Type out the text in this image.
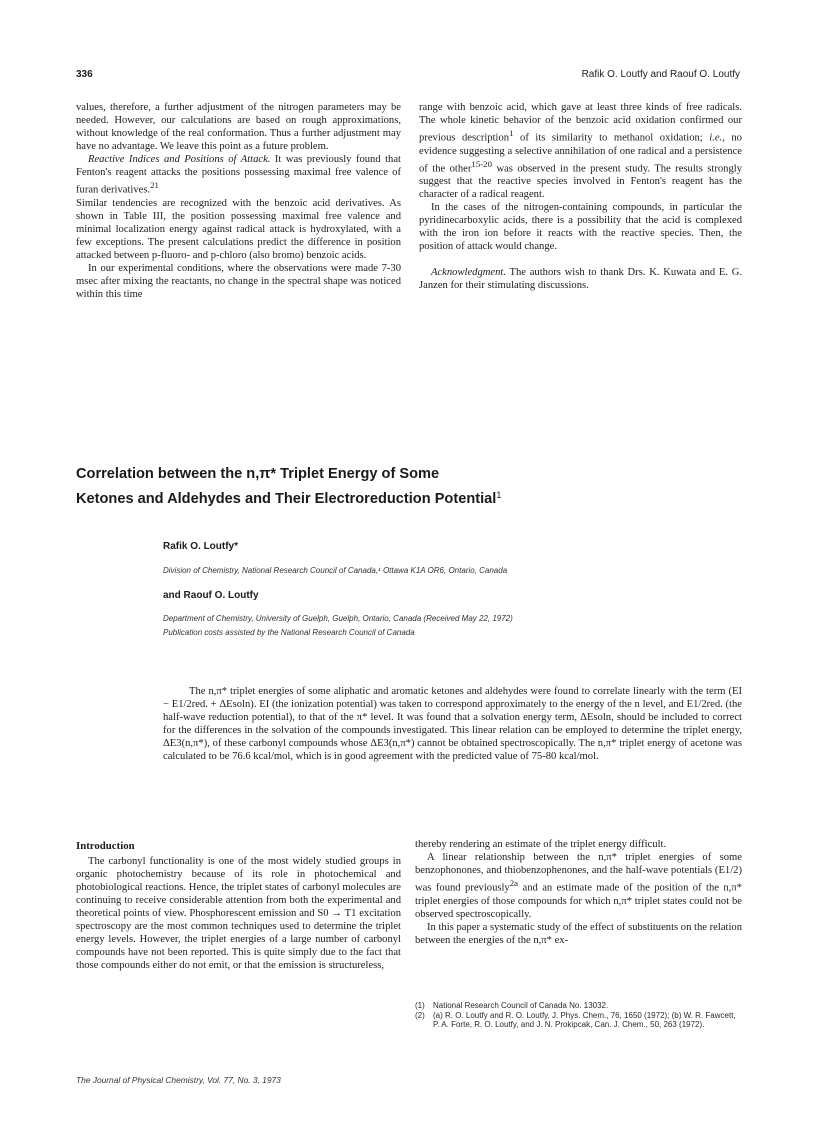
336	Rafik O. Loutfy and Raouf O. Loutfy

values, therefore, a further adjustment of the nitrogen parameters may be needed. However, our calculations are based on rough approximations, without knowledge of the real conformation. Thus a further adjustment may have no advantage. We leave this point as a future problem.

Reactive Indices and Positions of Attack. It was previously found that Fenton's reagent attacks the positions possessing maximal free valence of furan derivatives.$^{21}$

Similar tendencies are recognized with the benzoic acid derivatives. As shown in Table III, the position possessing maximal free valence and minimal localization energy against radical attack is hydroxylated, with a few exceptions. The present calculations predict the difference in position attacked between p-fluoro- and p-chloro (also bromo) benzoic acids.

In our experimental conditions, where the observations were made 7-30 msec after mixing the reactants, no change in the spectral shape was noticed within this time

range with benzoic acid, which gave at least three kinds of free radicals. The whole kinetic behavior of the benzoic acid oxidation confirmed our previous description$^1$ of its similarity to methanol oxidation; i.e., no evidence suggesting a selective annihilation of one radical and a persistence of the other$^{15-20}$ was observed in the present study. The results strongly suggest that the reactive species involved in Fenton's reagent has the character of a radical reagent.

In the cases of the nitrogen-containing compounds, in particular the pyridinecarboxylic acids, there is a possibility that the acid is complexed with the iron ion before it reacts with the reactive species. Then, the position of attack would change.

Acknowledgment. The authors wish to thank Drs. K. Kuwata and E. G. Janzen for their stimulating discussions.

Correlation between the n,π* Triplet Energy of Some
Ketones and Aldehydes and Their Electroreduction Potential$^1$
Rafik O. Loutfy*
Division of Chemistry, National Research Council of Canada,¹ Ottawa K1A OR6, Ontario, Canada
and Raouf O. Loutfy
Department of Chemistry, University of Guelph, Guelph, Ontario, Canada (Received May 22, 1972)
Publication costs assisted by the National Research Council of Canada

The n,π* triplet energies of some aliphatic and aromatic ketones and aldehydes were found to correlate linearly with the term (EI − E1/2red. + ΔEsoln). EI (the ionization potential) was taken to correspond approximately to the energy of the n level, and E1/2red. (the half-wave reduction potential), to that of the π* level. It was found that a solvation energy term, ΔEsoln, should be included to correct for the differences in the solvation of the compounds investigated. This linear relation can be employed to determine the triplet energy, ΔE3(n,π*), of these carbonyl compounds whose ΔE3(n,π*) cannot be obtained spectroscopically. The n,π* triplet energy of acetone was calculated to be 76.6 kcal/mol, which is in good agreement with the predicted value of 75-80 kcal/mol.

Introduction

The carbonyl functionality is one of the most widely studied groups in organic photochemistry because of its role in photochemical and photobiological reactions. Hence, the triplet states of carbonyl molecules are continuing to receive considerable attention from both the experimental and theoretical points of view. Phosphorescent emission and S0 → T1 excitation spectroscopy are the most common techniques used to determine the triplet energy levels. However, the triplet energies of a large number of carbonyl compounds have not been reported. This is quite simply due to the fact that those compounds either do not emit, or that the emission is structureless,

thereby rendering an estimate of the triplet energy difficult.

A linear relationship between the n,π* triplet energies of some benzophonones, and thiobenzophenones, and the half-wave potentials (E1/2) was found previously$^{2a}$ and an estimate made of the position of the n,π* triplet energies of those compounds for which n,π* triplet states could not be observed spectroscopically.

In this paper a systematic study of the effect of substituents on the relation between the energies of the n,π* ex-

(1) National Research Council of Canada No. 13032.
(2) (a) R. O. Loutfy and R. O. Loutfy, J. Phys. Chem., 76, 1650 (1972); (b) W. R. Fawcett, P. A. Forte, R. O. Loutfy, and J. N. Prokipcak, Can. J. Chem., 50, 263 (1972).
The Journal of Physical Chemistry, Vol. 77, No. 3, 1973
